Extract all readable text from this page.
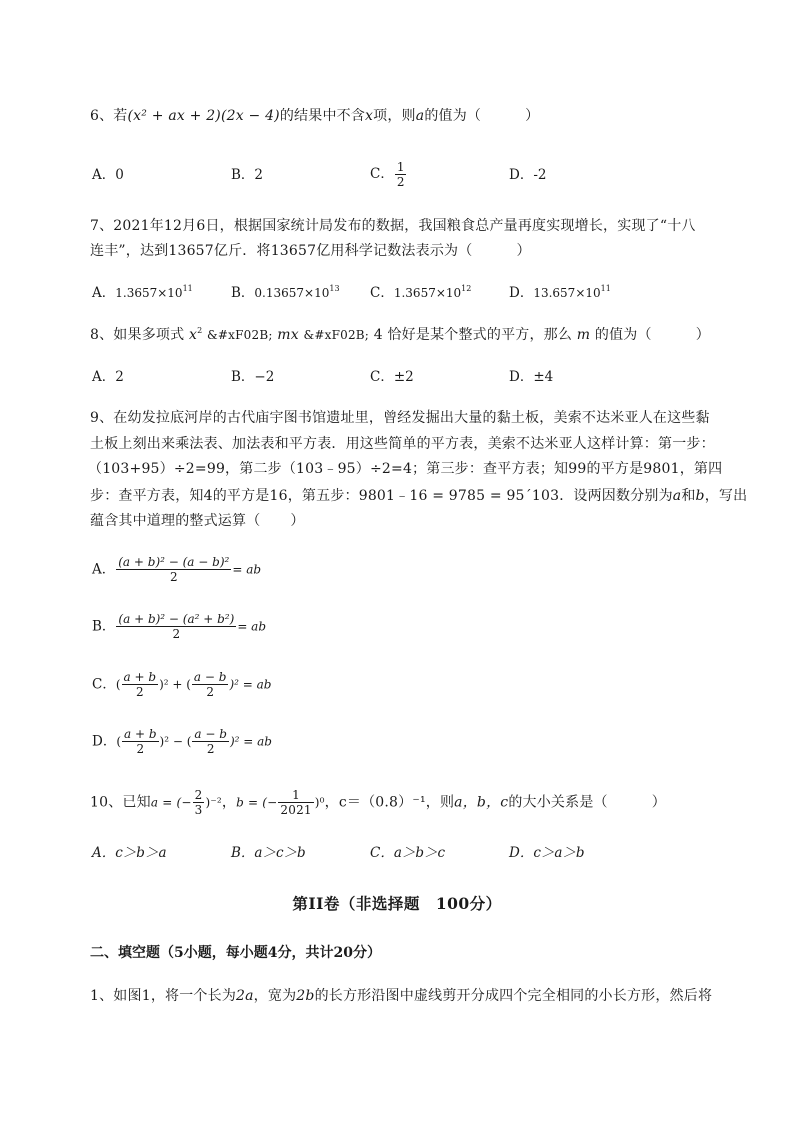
6、若(x² + ax + 2)(2x − 4)的结果中不含x项，则a的值为（	）
A．0	B．2	C． $\frac{1}{2}$	D．-2
7、2021年12月6日，根据国家统计局发布的数据，我国粮食总产量再度实现增长，实现了“十八
连丰”，达到13657亿斤．将13657亿用科学记数法表示为（	）
A．$1.3657\times 10^{11}$	B．$0.13657\times 10^{13}$ C．$1.3657\times 10^{12}$	D．$13.657\times 10^{11}$
8、如果多项式 $x^2$ &#xF02B; mx &#xF02B; 4 恰好是某个整式的平方，那么 m 的值为（	）
A．2	B．−2	C．±2	D．±4
9、在幼发拉底河岸的古代庙宇图书馆遗址里，曾经发掘出大量的黏土板，美索不达米亚人在这些黏
土板上刻出来乘法表、加法表和平方表．用这些简单的平方表，美索不达米亚人这样计算：第一步：
（103+95）÷2=99，第二步（103﹣95）÷2=4；第三步：查平方表；知99的平方是9801，第四
步：查平方表，知4的平方是16，第五步：9801﹣16 = 9785 = 95´103．设两因数分别为a和b，写出
蕴含其中道理的整式运算（ ）
A． $\frac{\text{(a + b)² − (a − b)²}}{2}$ = ab
B． $\frac{\text{(a + b)² − (a² + b²)}}{2}$ = ab
C．( $\frac{a + b}{2} )^2$ + ( $\frac{a - b}{2} )^2$ = ab
D．( $\frac{a + b}{2} )^2$ − ( $\frac{a - b}{2} )^2$ = ab
10、已知a = (− $\frac{2}{3} )^{-2}$，b = (− $\frac{1}{2021} )^0$，c＝（0.8）⁻¹，则a，b，c的大小关系是（	）
A．c＞b＞a	B．a＞c＞b	C．a＞b＞c	D．c＞a＞b
第II卷（非选择题　100分）
二、填空题（5小题，每小题4分，共计20分）
1、如图1，将一个长为2a，宽为2b的长方形沿图中虚线剪开分成四个完全相同的小长方形，然后将
